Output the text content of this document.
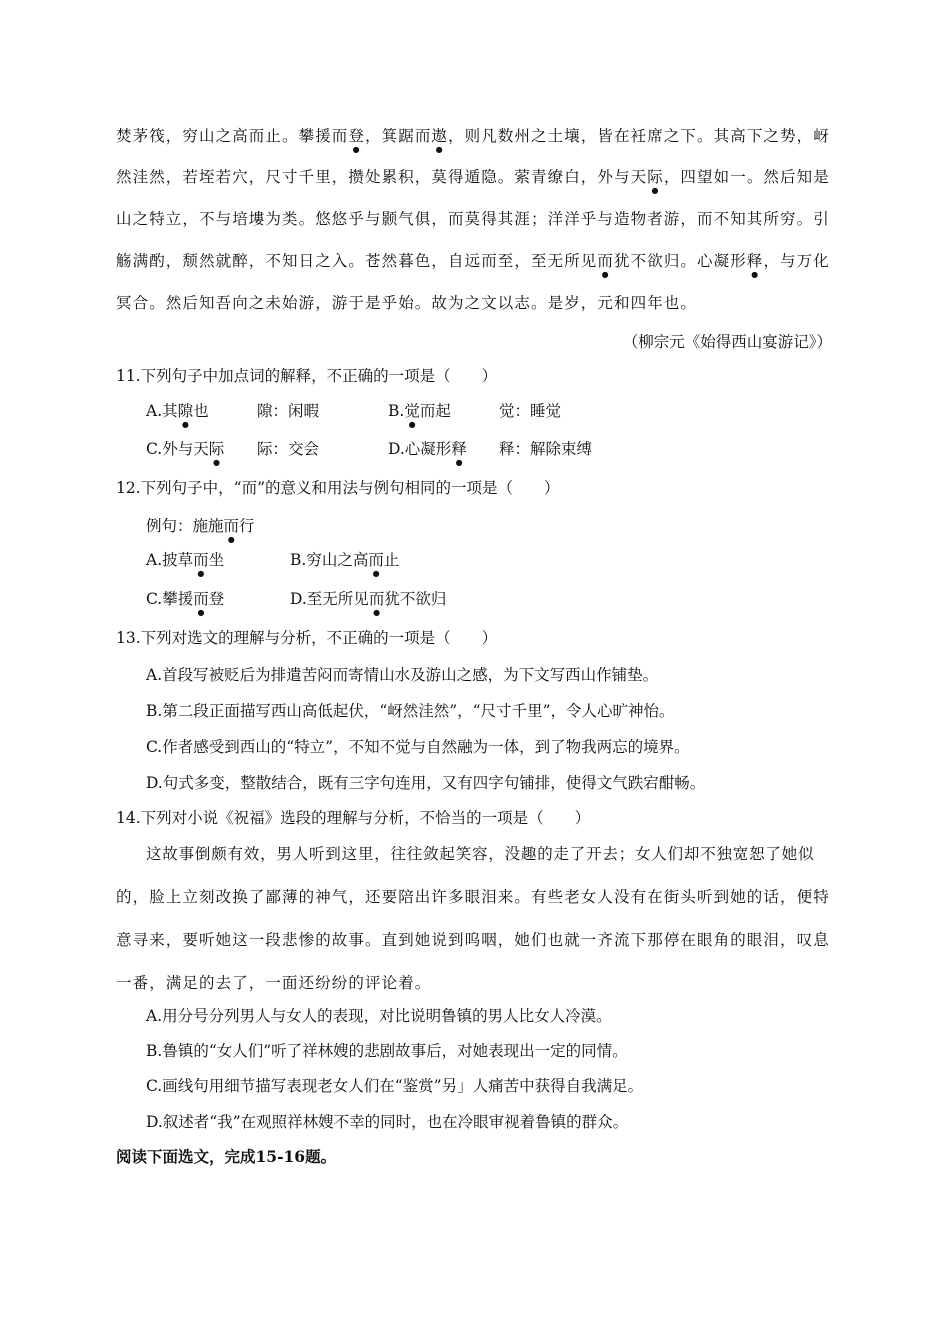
焚茅筏，穷山之高而止。攀援而登，箕踞而遨，则凡数州之土壤，皆在衽席之下。其高下之势，岈
然洼然，若垤若穴，尺寸千里，攒处累积，莫得遁隐。萦青缭白，外与天际，四望如一。然后知是
山之特立，不与培塿为类。悠悠乎与颢气俱，而莫得其涯；洋洋乎与造物者游，而不知其所穷。引
觞满酌，颓然就醉，不知日之入。苍然暮色，自远而至，至无所见而犹不欲归。心凝形释，与万化
冥合。然后知吾向之未始游，游于是乎始。故为之文以志。是岁，元和四年也。
（柳宗元《始得西山宴游记》）
11.下列句子中加点词的解释，不正确的一项是（　　）
A.其隙也	隙：闲暇	B.觉而起	觉：睡觉
C.外与天际 际：交会	D.心凝形释 释：解除束缚
12.下列句子中，“而”的意义和用法与例句相同的一项是（　　）
例句：施施而行
A.披草而坐	B.穷山之高而止
C.攀援而登	D.至无所见而犹不欲归
13.下列对选文的理解与分析，不正确的一项是（　　）
A.首段写被贬后为排遣苦闷而寄情山水及游山之感，为下文写西山作铺垫。
B.第二段正面描写西山高低起伏，“岈然洼然”，“尺寸千里”，令人心旷神怡。
C.作者感受到西山的“特立”，不知不觉与自然融为一体，到了物我两忘的境界。
D.句式多变，整散结合，既有三字句连用，又有四字句铺排，使得文气跌宕酣畅。
14.下列对小说《祝福》选段的理解与分析，不恰当的一项是（　　）
这故事倒颇有效，男人听到这里，往往敛起笑容，没趣的走了开去；女人们却不独宽恕了她似
的，脸上立刻改换了鄙薄的神气，还要陪出许多眼泪来。有些老女人没有在街头听到她的话，便特
意寻来，要听她这一段悲惨的故事。直到她说到呜咽，她们也就一齐流下那停在眼角的眼泪，叹息
一番，满足的去了，一面还纷纷的评论着。
A.用分号分列男人与女人的表现，对比说明鲁镇的男人比女人冷漠。
B.鲁镇的“女人们”听了祥林嫂的悲剧故事后，对她表现出一定的同情。
C.画线句用细节描写表现老女人们在“鉴赏”另」人痛苦中获得自我满足。
D.叙述者“我”在观照祥林嫂不幸的同时，也在冷眼审视着鲁镇的群众。
阅读下面选文，完成15-16题。
